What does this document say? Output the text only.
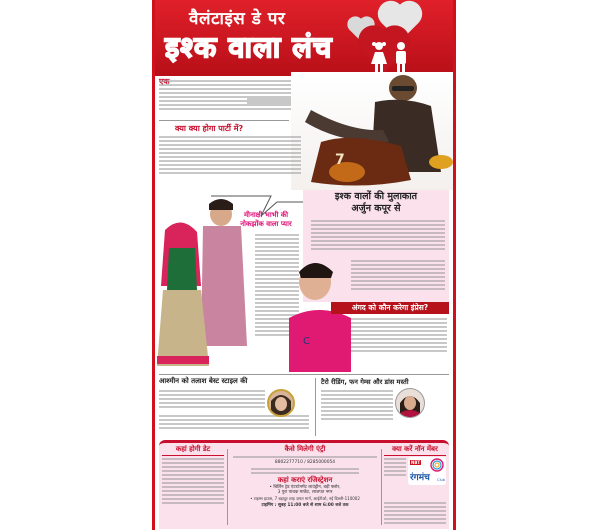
वैलंटाइंस डे पर
इश्क वाला लंच
7
क्या क्या होगा पार्टी में?
मीनाक्षी भाभी की
नोकझोंक वाला प्यार
इश्क वालों की मुलाकात
अर्जुन कपूर से
C
अंगद को कौन करेगा इंप्रेस?
आश्मीन को तलाश बेस्ट स्टाइल की	टैरो रीडिंग, फन गेम्स और डांस मस्ती
कहां होगी डेट	कैसे मिलेगी एंट्री
8802277710 / 8285000054
कहां कराएं रजिस्ट्रेशन
• बिर्लिन ट्रेड एंटरटेनमेंट लाउंड्रीन, बड़ी फ्लोर,
3 पुरा पाथक मार्केट, लाजपत नगर
• टाइम्स हाउस, 7 बहादुर शाह ज़फर मार्ग, आईटीओ, नई दिल्ली-110002
टाइमिंग : सुबह 11:00 बजे से शाम 6:00 बजे तक
क्या करें नॉन मेंबर
NBT
रंगमंच Club
